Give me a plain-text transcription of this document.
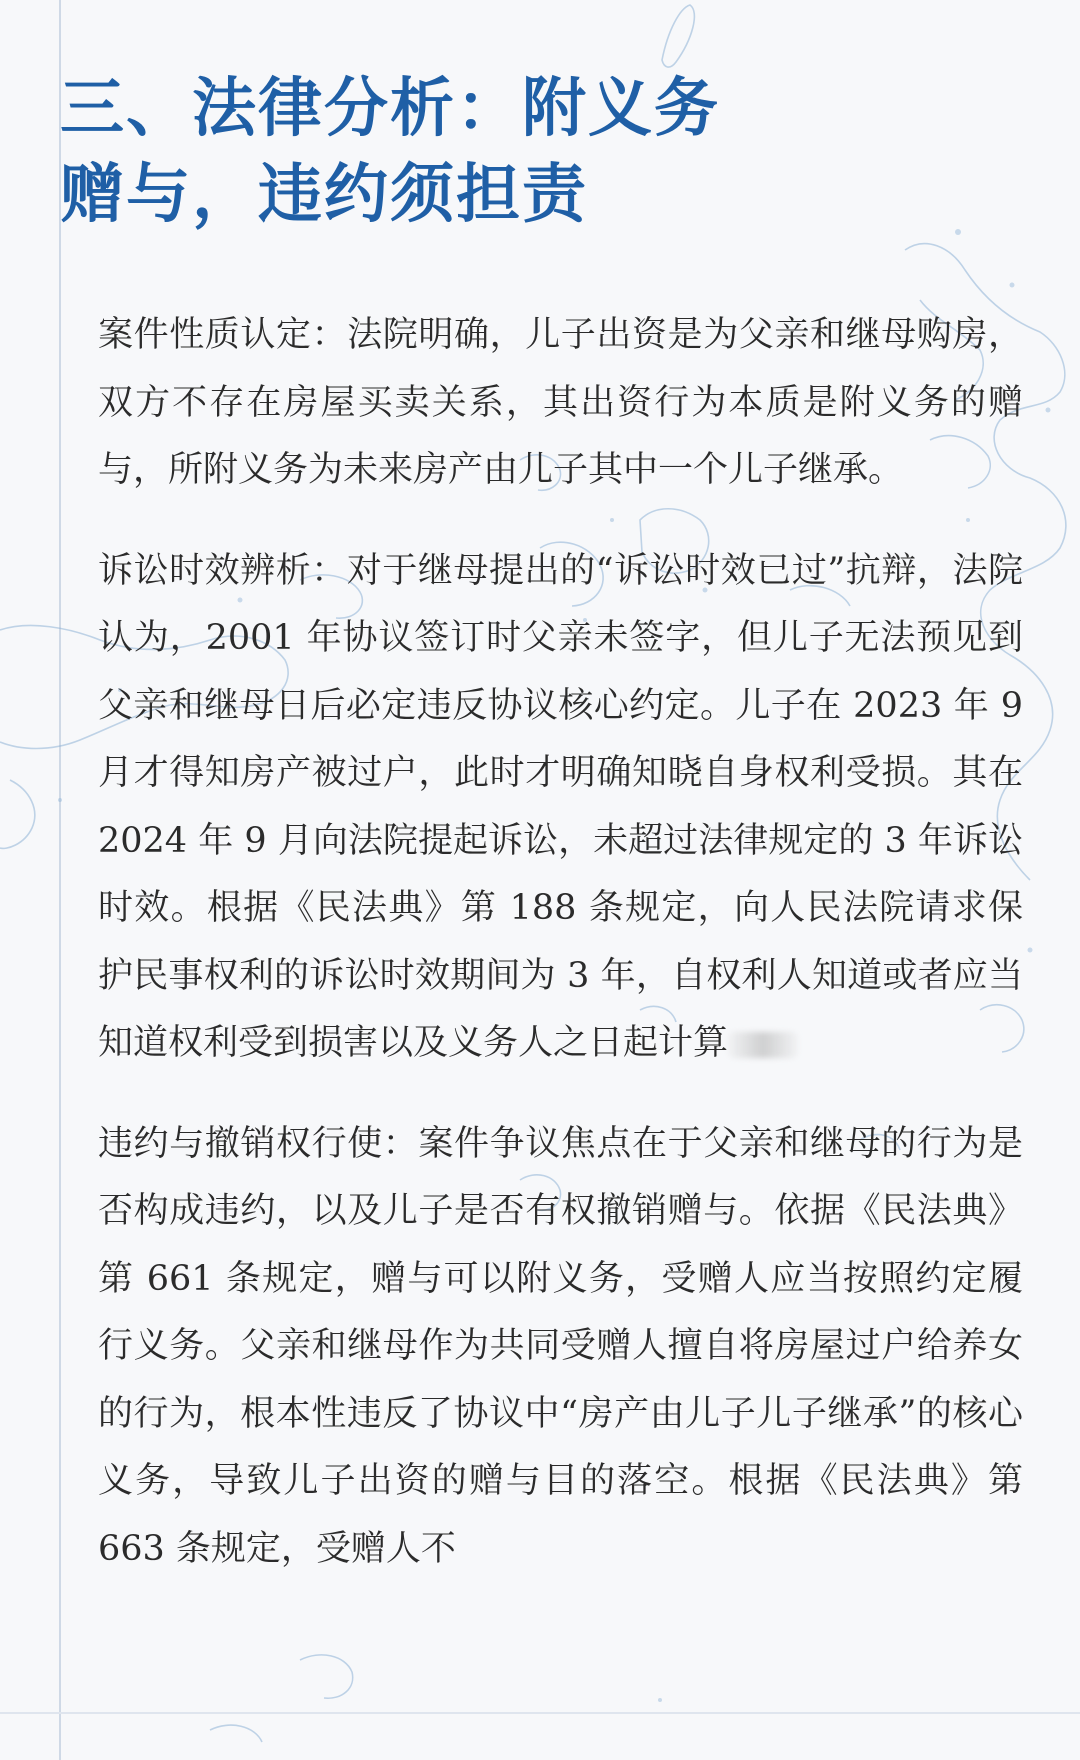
三、法律分析：附义务
赠与，违约须担责

案件性质认定：法院明确，儿子出资是为父亲和继母购房，双方不存在房屋买卖关系，其出资行为本质是附义务的赠与，所附义务为未来房产由儿子其中一个儿子继承。

诉讼时效辨析：对于继母提出的“诉讼时效已过”抗辩，法院认为，2001 年协议签订时父亲未签字，但儿子无法预见到父亲和继母日后必定违反协议核心约定。儿子在 2023 年 9 月才得知房产被过户，此时才明确知晓自身权利受损。其在 2024 年 9 月向法院提起诉讼，未超过法律规定的 3 年诉讼时效。根据《民法典》第 188 条规定，向人民法院请求保护民事权利的诉讼时效期间为 3 年，自权利人知道或者应当知道权利受到损害以及义务人之日起计算

违约与撤销权行使：案件争议焦点在于父亲和继母的行为是否构成违约，以及儿子是否有权撤销赠与。依据《民法典》第 661 条规定，赠与可以附义务，受赠人应当按照约定履行义务。父亲和继母作为共同受赠人擅自将房屋过户给养女的行为，根本性违反了协议中“房产由儿子儿子继承”的核心义务，导致儿子出资的赠与目的落空。根据《民法典》第 663 条规定，受赠人不
